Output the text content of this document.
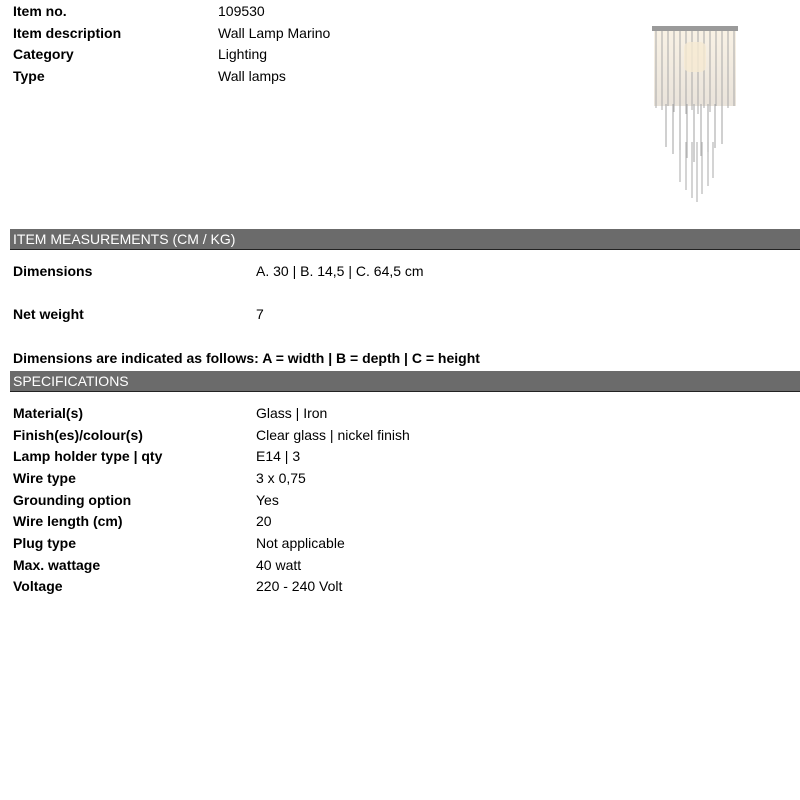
Item no.	109530
Item description	Wall Lamp Marino
Category	Lighting
Type	Wall lamps
ITEM MEASUREMENTS (CM / KG)
Dimensions	A. 30 | B. 14,5 | C. 64,5 cm
Net weight	7
Dimensions are indicated as follows: A = width | B = depth | C = height
SPECIFICATIONS
Material(s)	Glass | Iron
Finish(es)/colour(s)	Clear glass | nickel finish
Lamp holder type | qty	E14 | 3
Wire type	3 x 0,75
Grounding option	Yes
Wire length (cm)	20
Plug type	Not applicable
Max. wattage	40 watt
Voltage	220 - 240 Volt
